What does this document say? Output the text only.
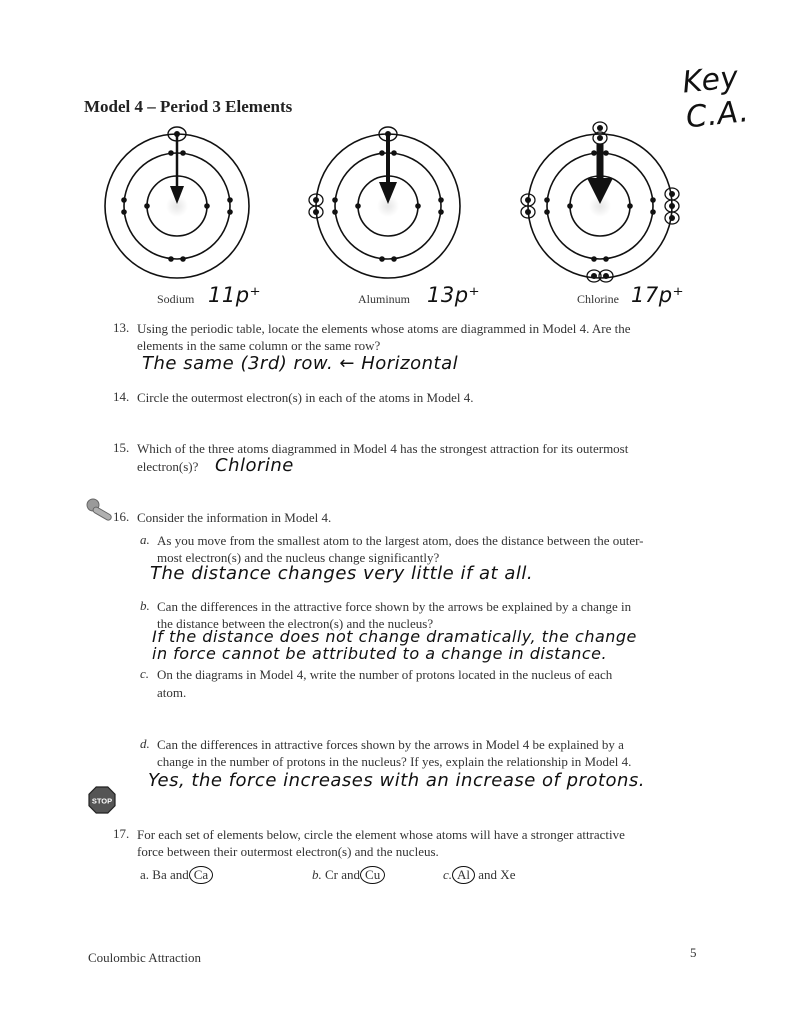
Key C.A.
Model 4 – Period 3 Elements
Sodium 11p⁺	Aluminum 13p⁺	Chlorine 17p⁺
13. Using the periodic table, locate the elements whose atoms are diagrammed in Model 4. Are the
elements in the same column or the same row?
The same (3rd) row. ← Horizontal
14. Circle the outermost electron(s) in each of the atoms in Model 4.
15. Which of the three atoms diagrammed in Model 4 has the strongest attraction for its outermost
electron(s)? Chlorine
16. Consider the information in Model 4.
a. As you move from the smallest atom to the largest atom, does the distance between the outer-
most electron(s) and the nucleus change significantly?
The distance changes very little if at all.
b. Can the differences in the attractive force shown by the arrows be explained by a change in
the distance between the electron(s) and the nucleus?
If the distance does not change dramatically, the change
in force cannot be attributed to a change in distance.
c. On the diagrams in Model 4, write the number of protons located in the nucleus of each
atom.
d. Can the differences in attractive forces shown by the arrows in Model 4 be explained by a
change in the number of protons in the nucleus? If yes, explain the relationship in Model 4.
Yes, the force increases with an increase of protons.
STOP
17. For each set of elements below, circle the element whose atoms will have a stronger attractive
force between their outermost electron(s) and the nucleus.
a. Ba and Ca	b. Cr and Cu	c. Al and Xe
Coulombic Attraction	5
